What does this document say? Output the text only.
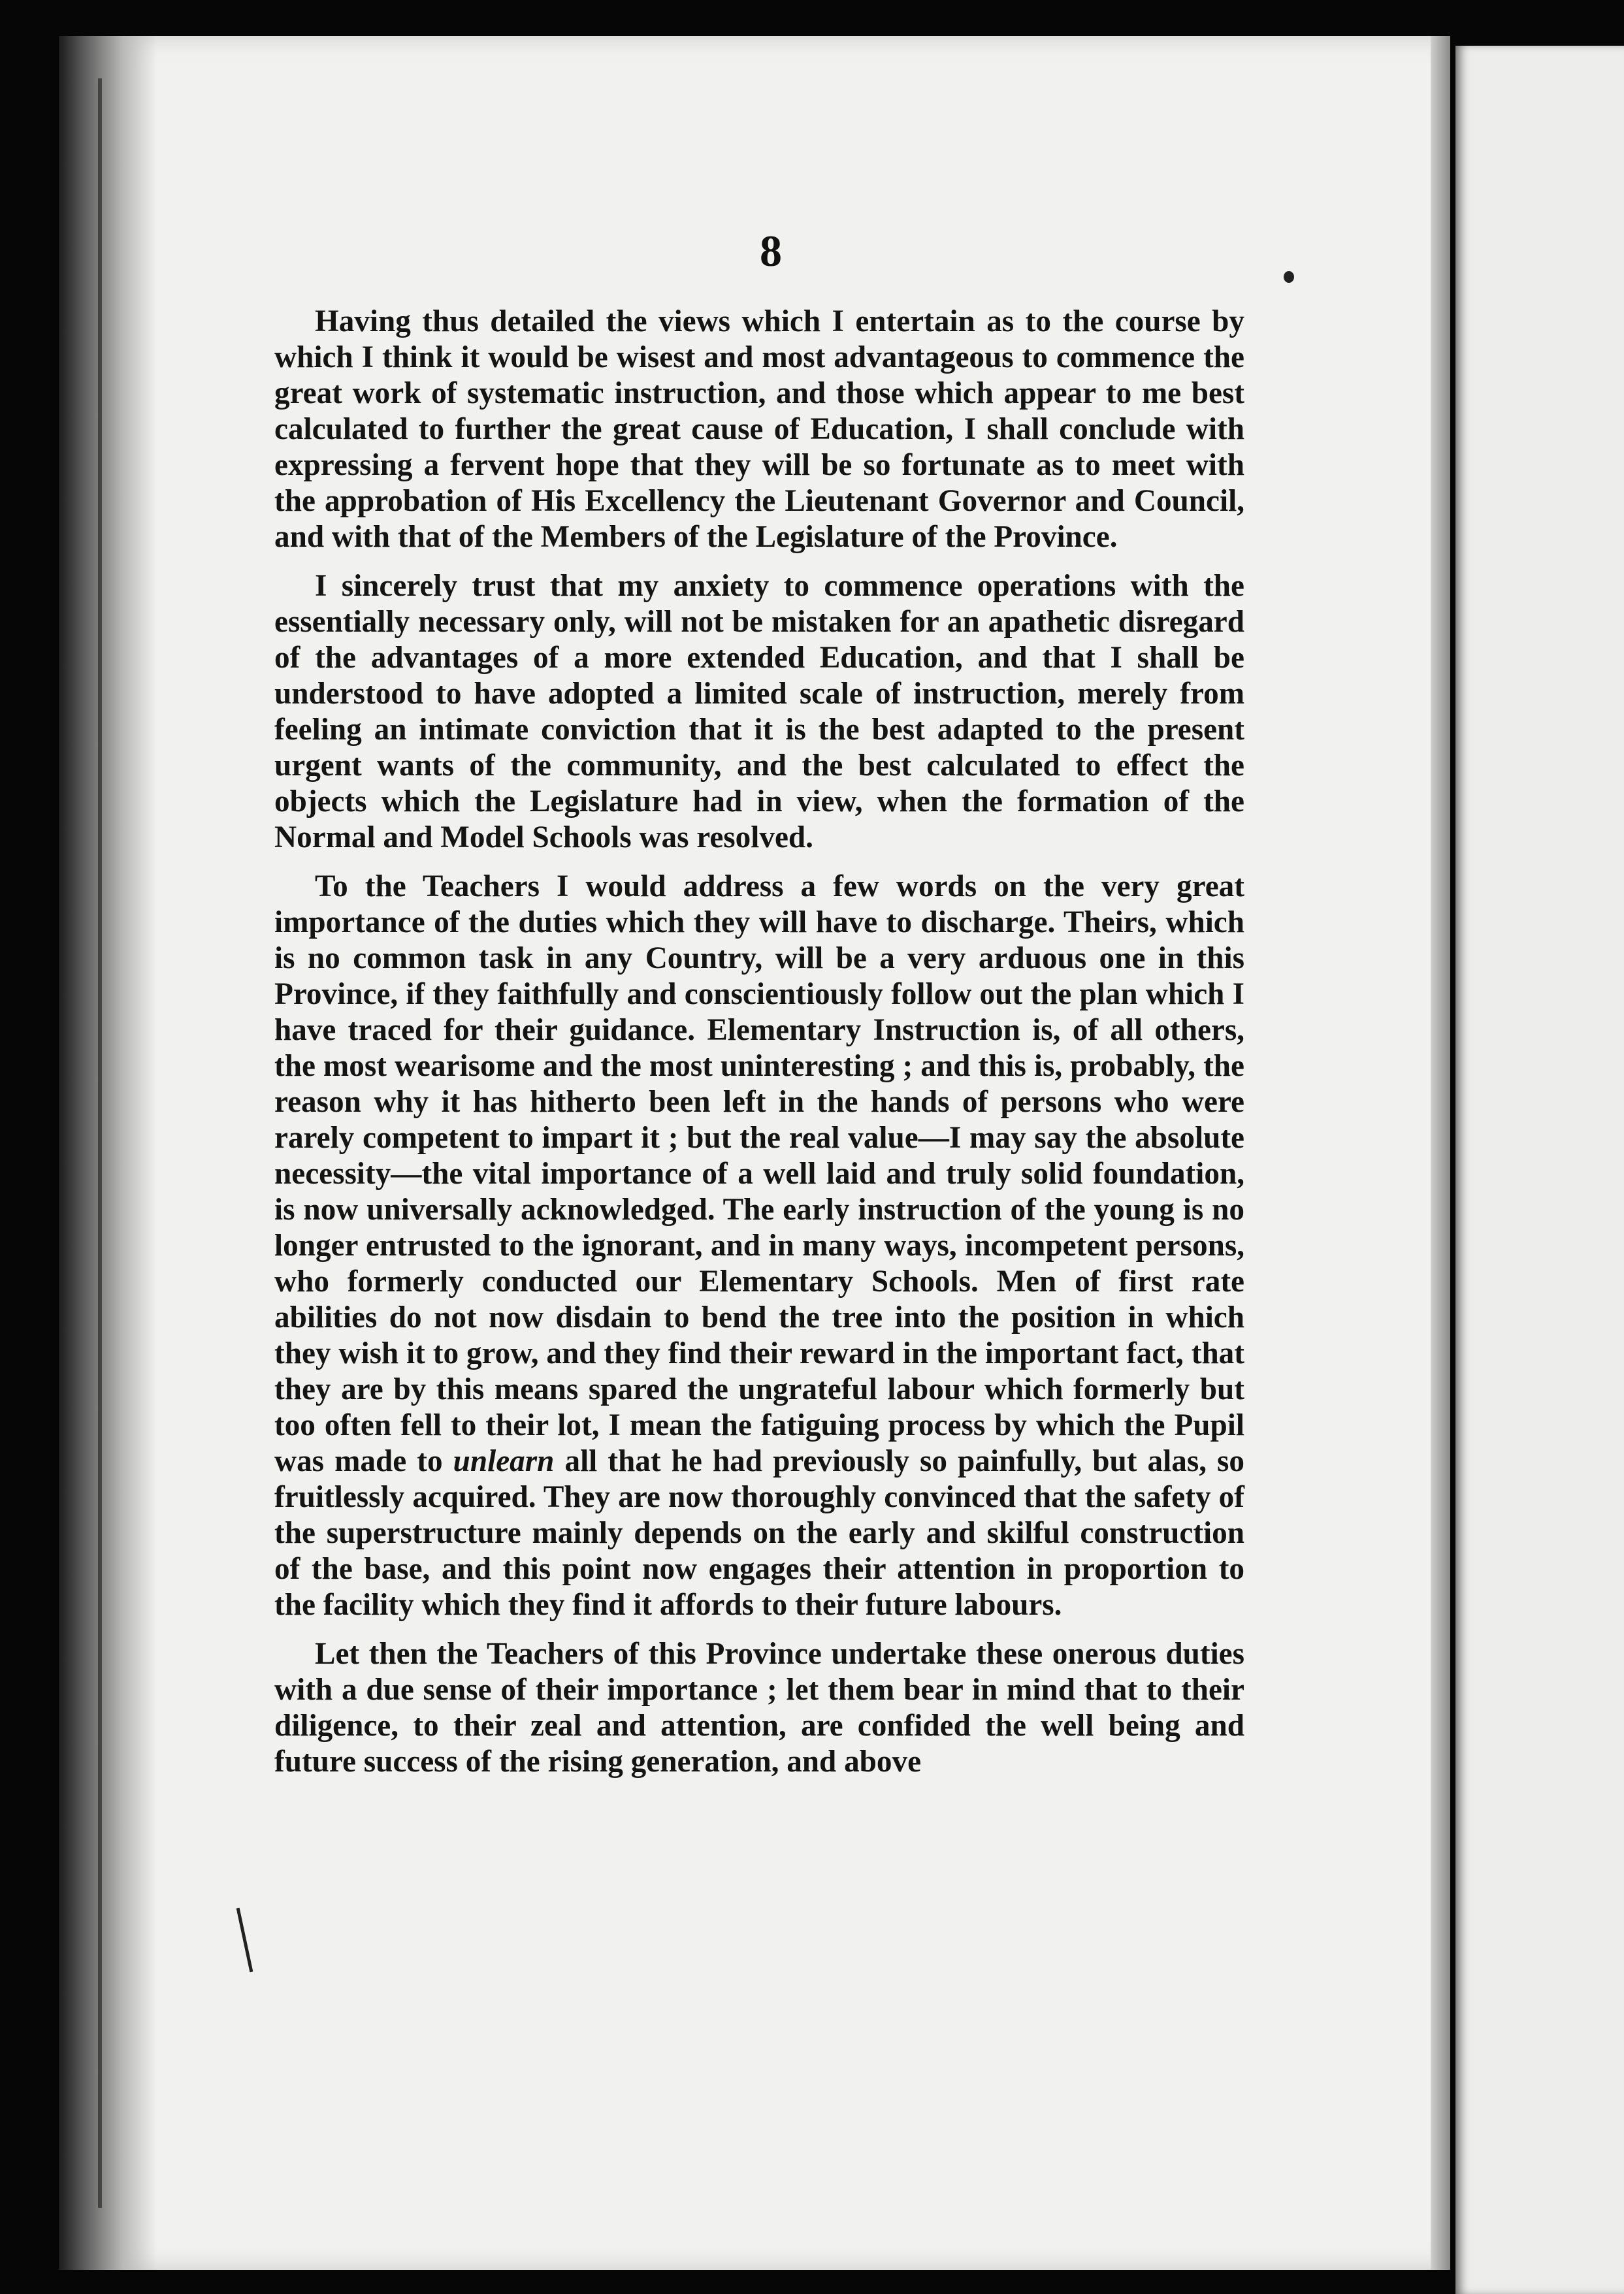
8

Having thus detailed the views which I entertain as to the course by which I think it would be wisest and most advantageous to commence the great work of systematic instruction, and those which appear to me best calculated to further the great cause of Education, I shall conclude with expressing a fervent hope that they will be so fortunate as to meet with the approbation of His Excellency the Lieutenant Governor and Council, and with that of the Members of the Legislature of the Province.

I sincerely trust that my anxiety to commence operations with the essentially necessary only, will not be mistaken for an apathetic disregard of the advantages of a more extended Education, and that I shall be understood to have adopted a limited scale of instruction, merely from feeling an intimate conviction that it is the best adapted to the present urgent wants of the community, and the best calculated to effect the objects which the Legislature had in view, when the formation of the Normal and Model Schools was resolved.

To the Teachers I would address a few words on the very great importance of the duties which they will have to discharge. Theirs, which is no common task in any Country, will be a very arduous one in this Province, if they faithfully and conscientiously follow out the plan which I have traced for their guidance. Elementary Instruction is, of all others, the most wearisome and the most uninteresting ; and this is, probably, the reason why it has hitherto been left in the hands of persons who were rarely competent to impart it ; but the real value—I may say the absolute necessity—the vital importance of a well laid and truly solid foundation, is now universally acknowledged. The early instruction of the young is no longer entrusted to the ignorant, and in many ways, incompetent persons, who formerly conducted our Elementary Schools. Men of first rate abilities do not now disdain to bend the tree into the position in which they wish it to grow, and they find their reward in the important fact, that they are by this means spared the ungrateful labour which formerly but too often fell to their lot, I mean the fatiguing process by which the Pupil was made to unlearn all that he had previously so painfully, but alas, so fruitlessly acquired. They are now thoroughly convinced that the safety of the superstructure mainly depends on the early and skilful construction of the base, and this point now engages their attention in proportion to the facility which they find it affords to their future labours.

Let then the Teachers of this Province undertake these onerous duties with a due sense of their importance ; let them bear in mind that to their diligence, to their zeal and attention, are confided the well being and future success of the rising generation, and above
